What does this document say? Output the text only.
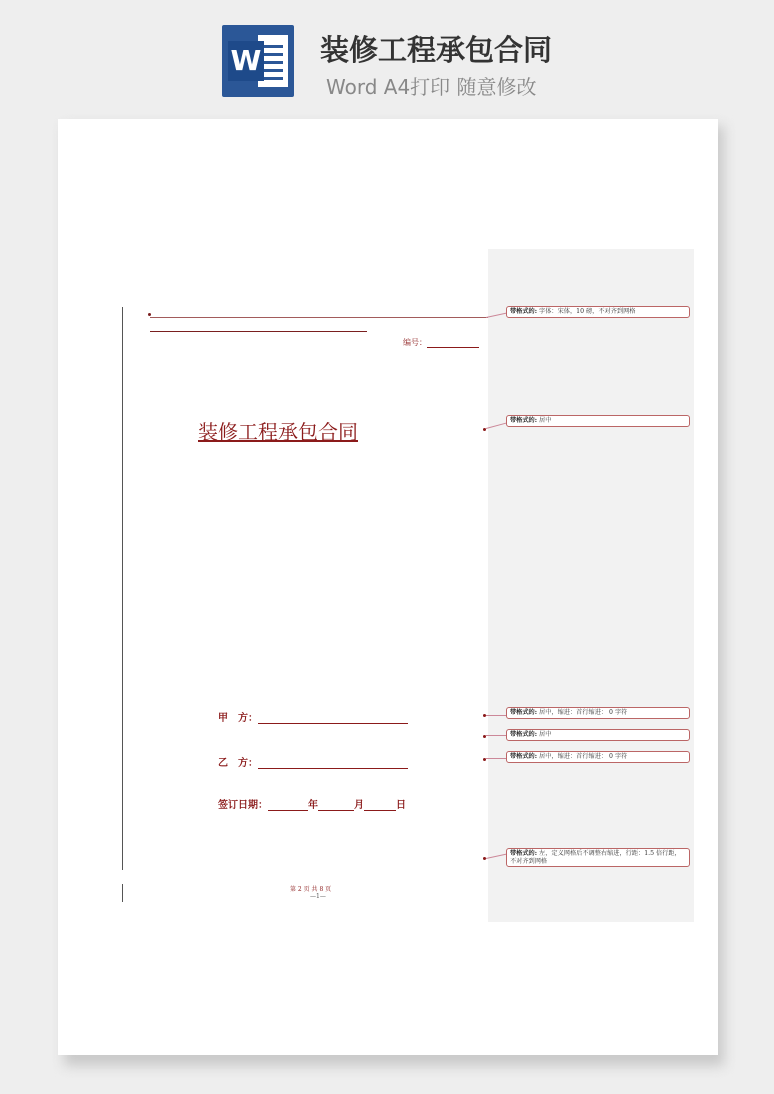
W 装修工程承包合同
Word A4打印 随意修改
编号：
装修工程承包合同
甲　方：
乙　方：
签订日期：	年	月	日
第 2 页 共 8 页
—1—
带格式的: 字体：宋体，10 磅，不对齐到网格
带格式的: 居中
带格式的: 居中，缩进：首行缩进： 0 字符
带格式的: 居中
带格式的: 居中，缩进：首行缩进： 0 字符
带格式的: 左，定义网格后不调整右缩进，行距：1.5 倍行距，不对齐到网格
